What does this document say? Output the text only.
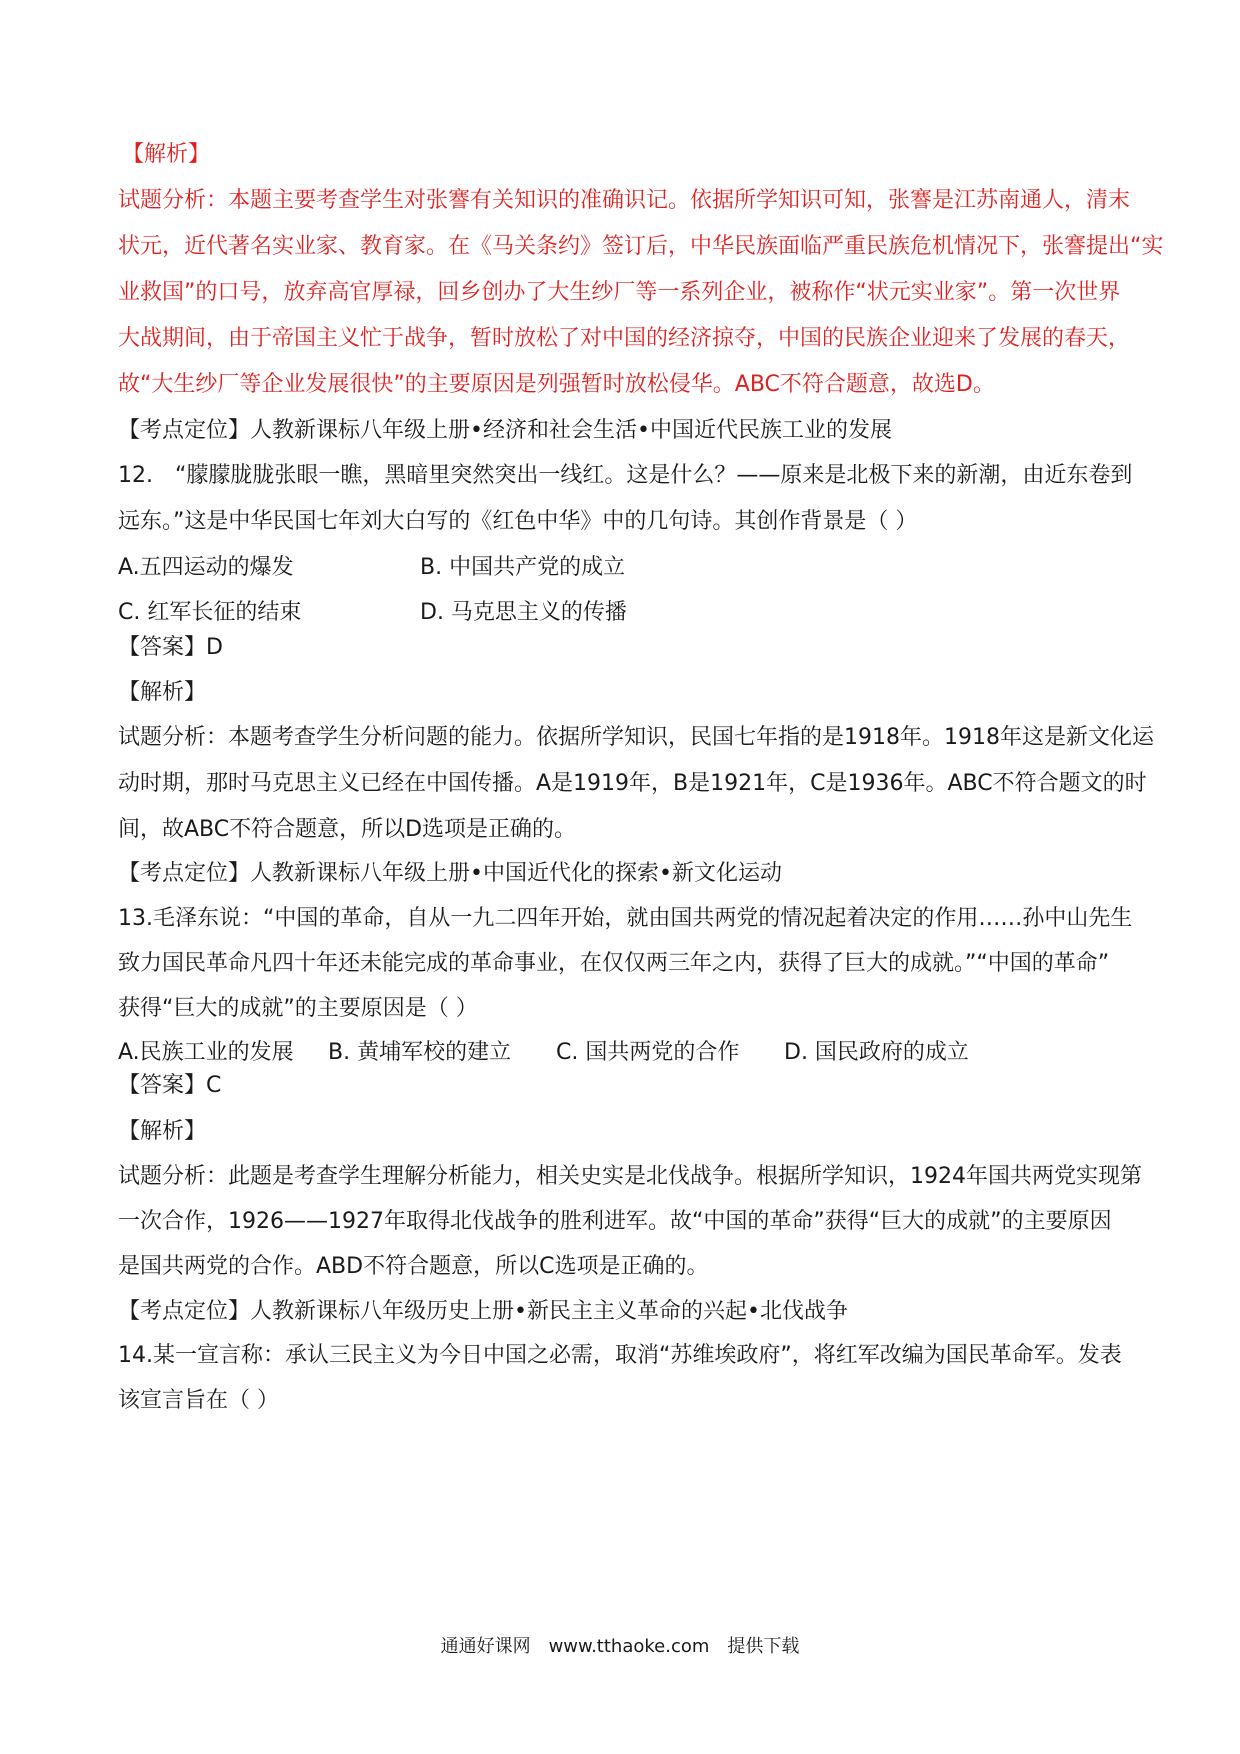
【解析】
试题分析：本题主要考查学生对张謇有关知识的准确识记。依据所学知识可知，张謇是江苏南通人，清末
状元，近代著名实业家、教育家。在《马关条约》签订后，中华民族面临严重民族危机情况下，张謇提出“实
业救国”的口号，放弃高官厚禄，回乡创办了大生纱厂等一系列企业，被称作“状元实业家”。第一次世界
大战期间，由于帝国主义忙于战争，暂时放松了对中国的经济掠夺，中国的民族企业迎来了发展的春天，
故“大生纱厂等企业发展很快”的主要原因是列强暂时放松侵华。ABC不符合题意，故选D。
【考点定位】人教新课标八年级上册•经济和社会生活•中国近代民族工业的发展
12.　“朦朦胧胧张眼一瞧，黑暗里突然突出一线红。这是什么？——原来是北极下来的新潮，由近东卷到
远东。”这是中华民国七年刘大白写的《红色中华》中的几句诗。其创作背景是（ ）
A.五四运动的爆发	B. 中国共产党的成立
C. 红军长征的结束	D. 马克思主义的传播
【答案】D
【解析】
试题分析：本题考查学生分析问题的能力。依据所学知识，民国七年指的是1918年。1918年这是新文化运
动时期，那时马克思主义已经在中国传播。A是1919年，B是1921年，C是1936年。ABC不符合题文的时
间，故ABC不符合题意，所以D选项是正确的。
【考点定位】人教新课标八年级上册•中国近代化的探索•新文化运动
13.毛泽东说：“中国的革命，自从一九二四年开始，就由国共两党的情况起着决定的作用……孙中山先生
致力国民革命凡四十年还未能完成的革命事业，在仅仅两三年之内，获得了巨大的成就。”“中国的革命”
获得“巨大的成就”的主要原因是（ ）
A.民族工业的发展 B. 黄埔军校的建立 C. 国共两党的合作 D. 国民政府的成立
【答案】C
【解析】
试题分析：此题是考查学生理解分析能力，相关史实是北伐战争。根据所学知识，1924年国共两党实现第
一次合作，1926——1927年取得北伐战争的胜利进军。故“中国的革命”获得“巨大的成就”的主要原因
是国共两党的合作。ABD不符合题意，所以C选项是正确的。
【考点定位】人教新课标八年级历史上册•新民主主义革命的兴起•北伐战争
14.某一宣言称：承认三民主义为今日中国之必需，取消“苏维埃政府”，将红军改编为国民革命军。发表
该宣言旨在（ ）
通通好课网　www.tthaoke.com　提供下载
